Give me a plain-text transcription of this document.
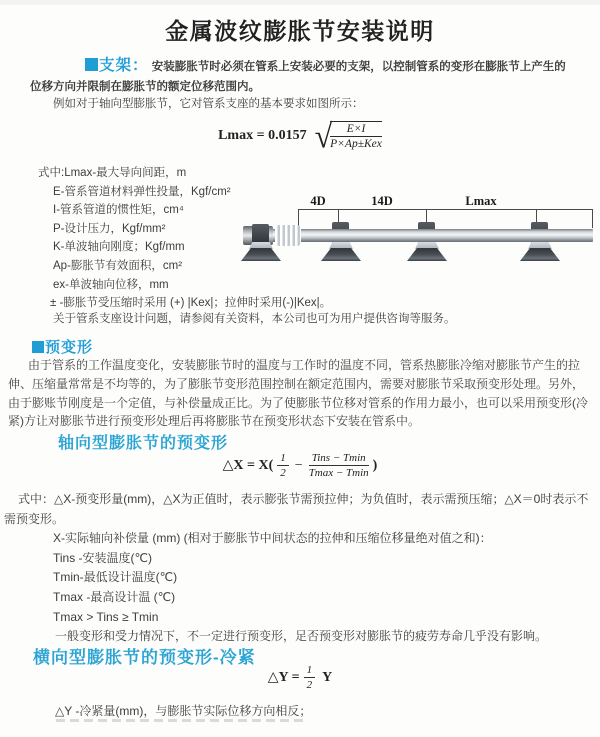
金属波纹膨胀节安装说明
支架： 安装膨胀节时必须在管系上安装必要的支架，以控制管系的变形在膨胀节上产生的位移方向并限制在膨胀节的额定位移范围内。
例如对于轴向型膨胀节，它对管系支座的基本要求如图所示：
Lmax = 0.0157 √
$\frac{E\times I}{\text{P×Ap±Kex}}$
式中:Lmax-最大导向间距，m
E-管系管道材料弹性投量，Kgf/cm²
I-管系管道的惯性矩，cm⁴
P-设计压力，Kgf/mm²
K-单波轴向刚度；Kgf/mm
Ap-膨胀节有效面积，cm²
ex-单波轴向位移，mm
± -膨胀节受压缩时采用 (+) |Kex|；拉伸时采用(-)|Kex|。
关于管系支座设计问题，请参阅有关资料，本公司也可为用户提供咨询等服务。
4D	14D	Lmax
预变形
由于管系的工作温度变化，安装膨胀节时的温度与工作时的温度不同，管系热膨胀冷缩对膨胀节产生的拉伸、压缩量常常是不均等的，为了膨胀节变形范围控制在额定范围内，需要对膨胀节采取预变形处理。另外，由于膨账节刚度是一个定值，与补偿量成正比。为了使膨胀节位移对管系的作用力最小，也可以采用预变形(冷紧)方让对膨胀节进行预变形处理后再将膨胀节在预变形状态下安装在管系中。
轴向型膨胀节的预变形
△X = $X( \frac{1}{2} - \frac{\text{Tins − Tmin}}{Tmax - Tmin}$ )
式中：△X-预变形量(mm)，△X为正值时，表示膨张节需预拉伸；为负值时，表示需预压缩；△X＝0时表示不需预变形。
X-实际轴向补偿量 (mm) (相对于膨胀节中间状态的拉伸和压缩位移量绝对值之和)：
Tins -安装温度(℃)
Tmin-最低设计温度(℃)
Tmax -最高设计温 (℃)
Tmax > Tins ≥ Tmin
一般变形和受力情况下，不一定进行预变形，足否预变形对膨胀节的疲劳寿命几乎没有影响。
横向型膨胀节的预变形-冷紧
△Y = $\frac{1}{2}$ Y
△Y -冷紧量(mm)，与膨胀节实际位移方向相反；
